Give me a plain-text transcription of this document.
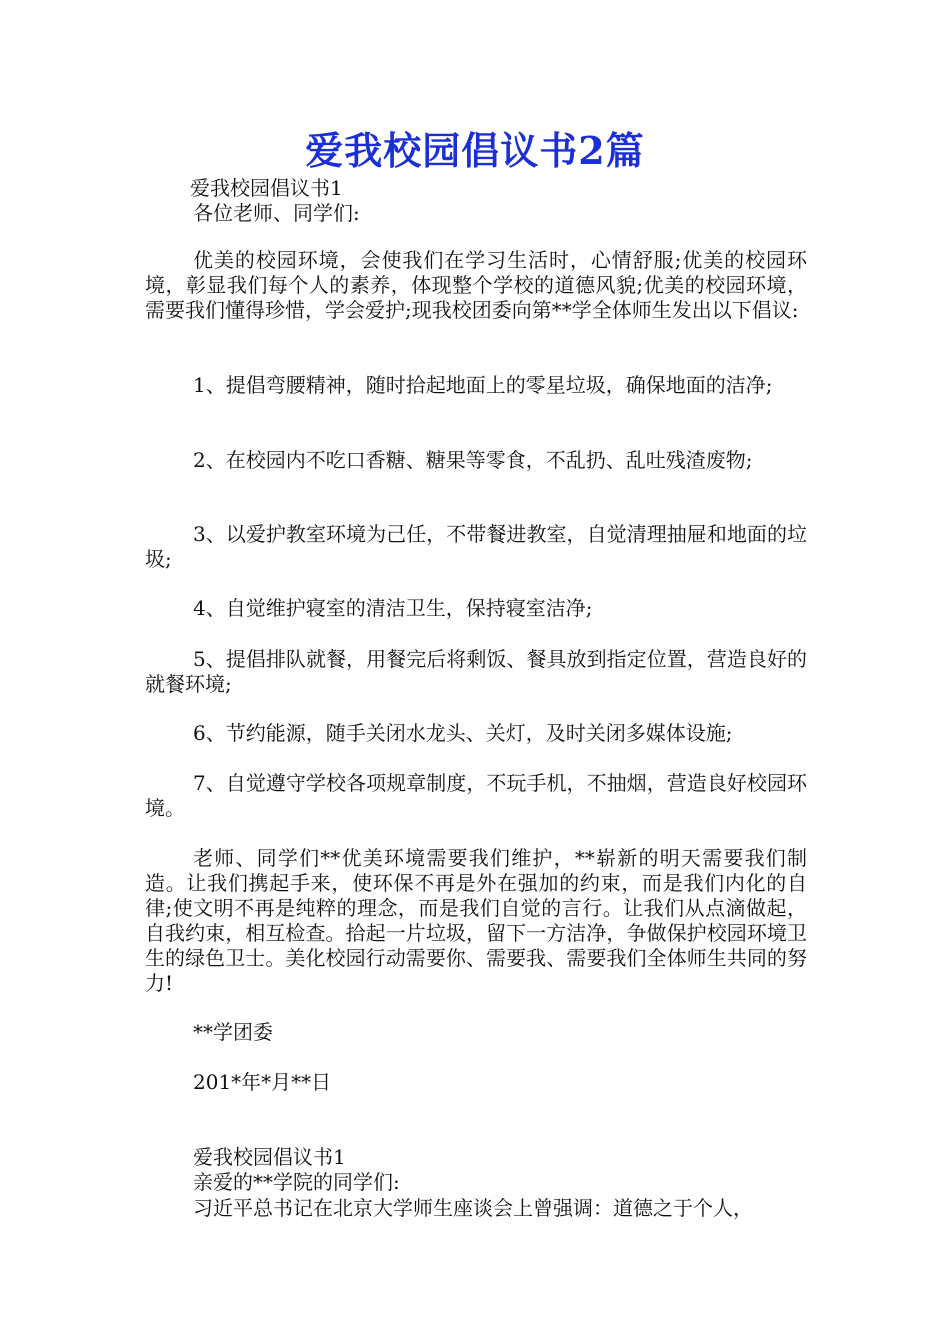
爱我校园倡议书2篇
爱我校园倡议书1
各位老师、同学们:
优美的校园环境，会使我们在学习生活时，心情舒服;优美的校园环境，彰显我们每个人的素养，体现整个学校的道德风貌;优美的校园环境，需要我们懂得珍惜，学会爱护;现我校团委向第**学全体师生发出以下倡议:
1、提倡弯腰精神，随时拾起地面上的零星垃圾，确保地面的洁净;
2、在校园内不吃口香糖、糖果等零食，不乱扔、乱吐残渣废物;
3、以爱护教室环境为己任，不带餐进教室，自觉清理抽屉和地面的垃圾;
4、自觉维护寝室的清洁卫生，保持寝室洁净;
5、提倡排队就餐，用餐完后将剩饭、餐具放到指定位置，营造良好的就餐环境;
6、节约能源，随手关闭水龙头、关灯，及时关闭多媒体设施;
7、自觉遵守学校各项规章制度，不玩手机，不抽烟，营造良好校园环境。
老师、同学们**优美环境需要我们维护，**崭新的明天需要我们制造。让我们携起手来，使环保不再是外在强加的约束，而是我们内化的自律;使文明不再是纯粹的理念，而是我们自觉的言行。让我们从点滴做起，自我约束，相互检查。拾起一片垃圾，留下一方洁净，争做保护校园环境卫生的绿色卫士。美化校园行动需要你、需要我、需要我们全体师生共同的努力!
**学团委
201*年*月**日
爱我校园倡议书1
亲爱的**学院的同学们:
习近平总书记在北京大学师生座谈会上曾强调：道德之于个人，
